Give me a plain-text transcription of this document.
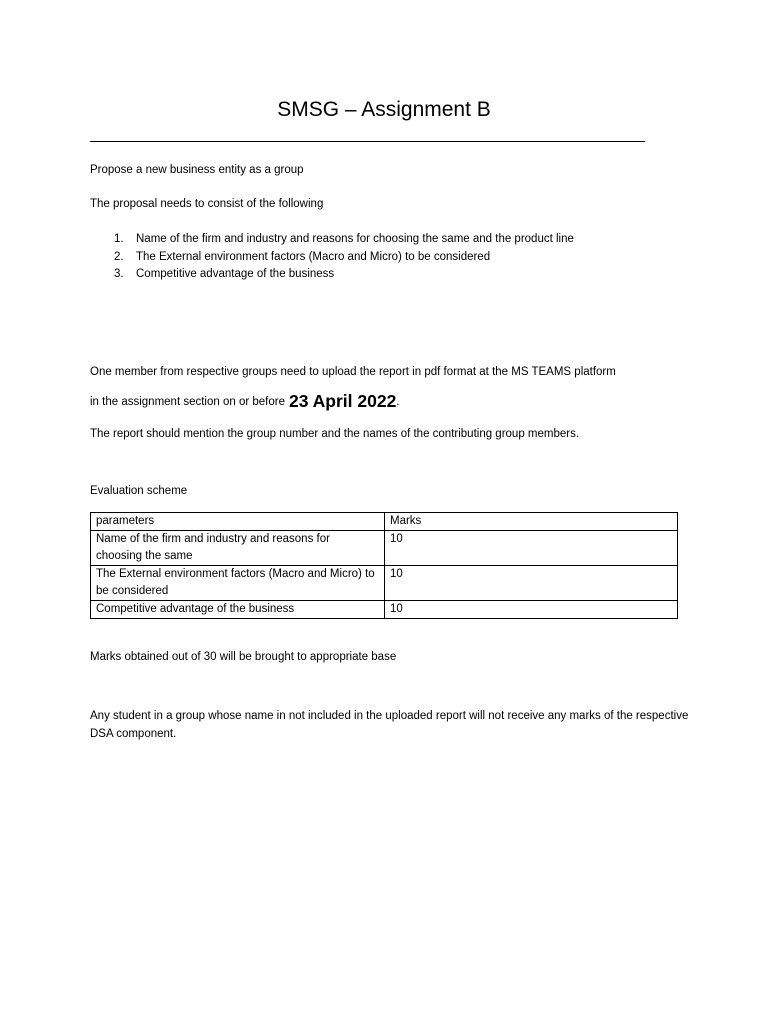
SMSG – Assignment B
Propose a new business entity as a group
The proposal needs to consist of the following
1. Name of the firm and industry and reasons for choosing the same and the product line
2. The External environment factors (Macro and Micro) to be considered
3. Competitive advantage of the business
One member from respective groups need to upload the report in pdf format at the MS TEAMS platform
in the assignment section on or before 23 April 2022.
The report should mention the group number and the names of the contributing group members.
Evaluation scheme
parameters	Marks
Name of the firm and industry and reasons for choosing the same	10
The External environment factors (Macro and Micro) to be considered	10
Competitive advantage of the business	10
Marks obtained out of 30 will be brought to appropriate base
Any student in a group whose name in not included in the uploaded report will not receive any marks of the respective DSA component.
